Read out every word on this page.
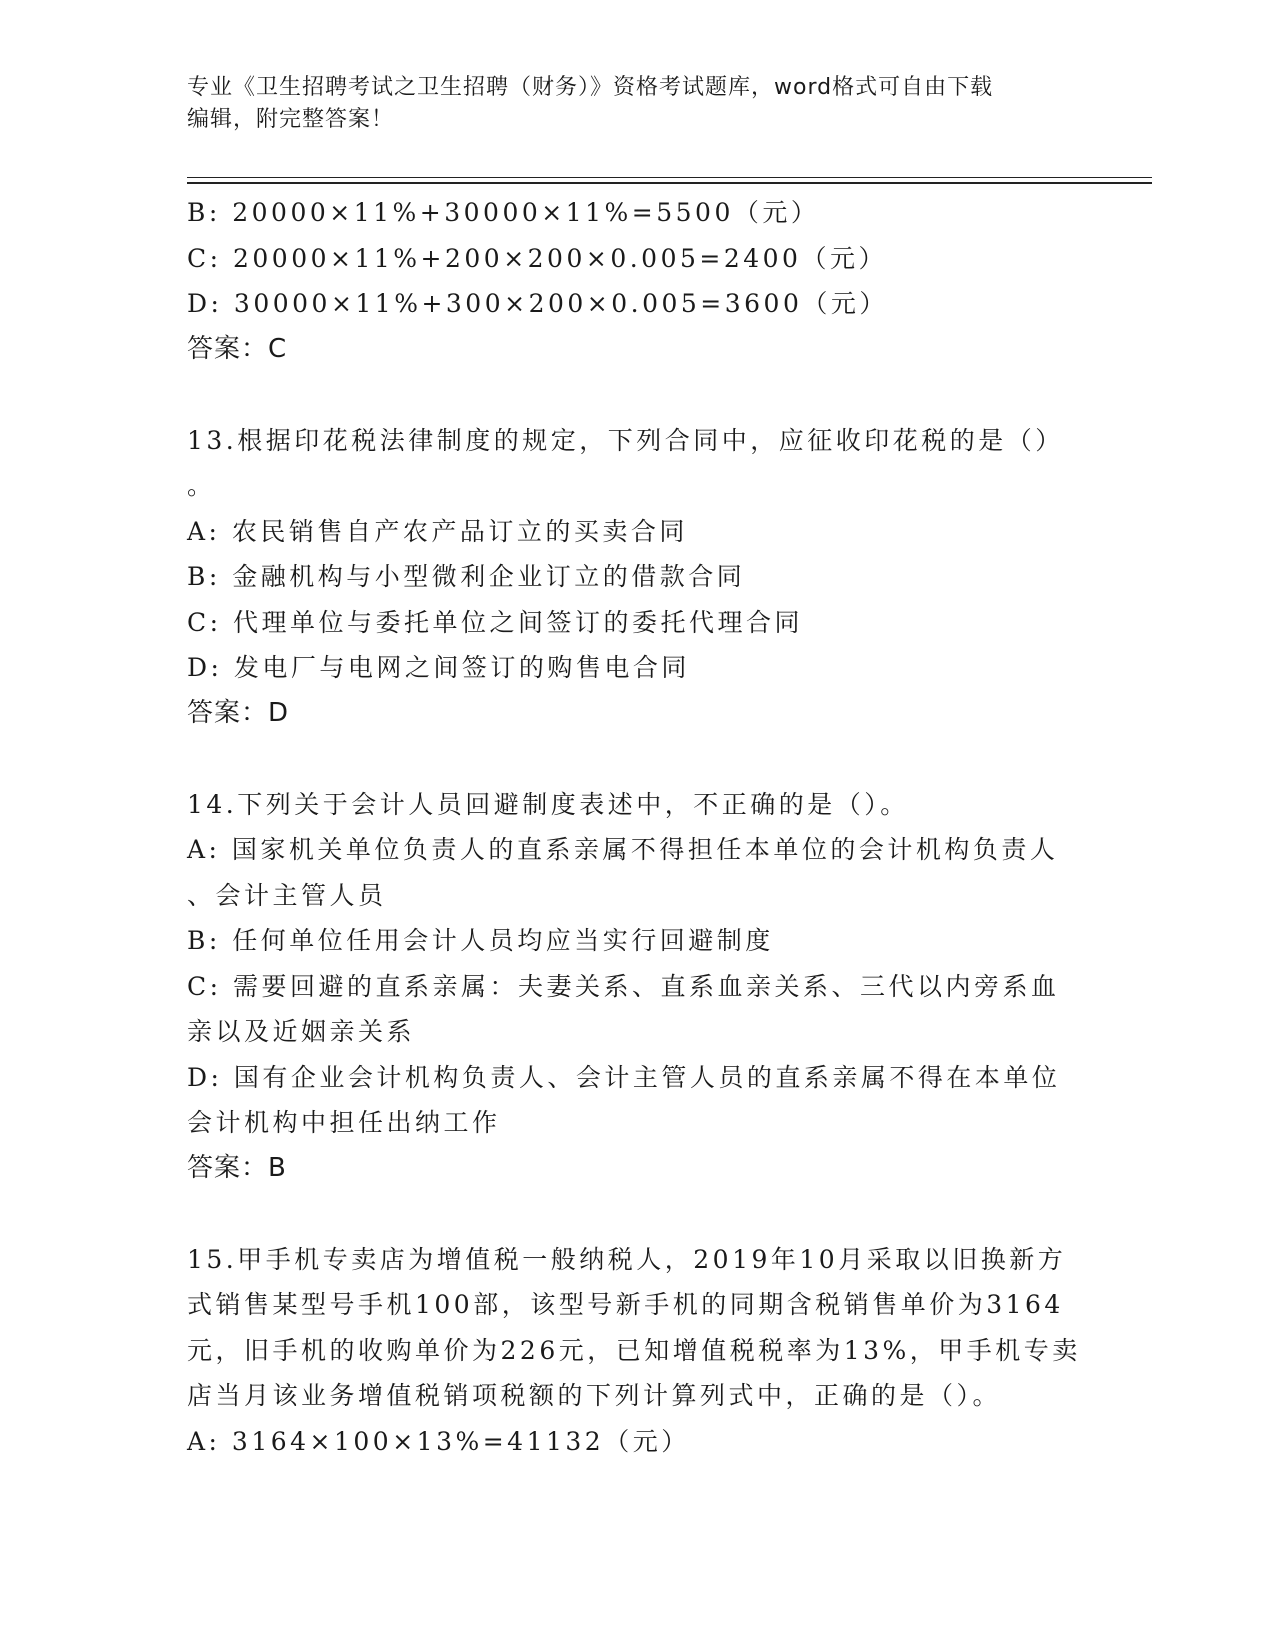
专业《卫生招聘考试之卫生招聘（财务）》资格考试题库，word格式可自由下载
编辑，附完整答案！
B: 20000×11%+30000×11%=5500（元）
C: 20000×11%+200×200×0.005=2400（元）
D: 30000×11%+300×200×0.005=3600（元）
答案：C
13.根据印花税法律制度的规定，下列合同中，应征收印花税的是（）
。
A: 农民销售自产农产品订立的买卖合同
B: 金融机构与小型微利企业订立的借款合同
C: 代理单位与委托单位之间签订的委托代理合同
D: 发电厂与电网之间签订的购售电合同
答案：D
14.下列关于会计人员回避制度表述中，不正确的是（）。
A: 国家机关单位负责人的直系亲属不得担任本单位的会计机构负责人
、会计主管人员
B: 任何单位任用会计人员均应当实行回避制度
C: 需要回避的直系亲属：夫妻关系、直系血亲关系、三代以内旁系血
亲以及近姻亲关系
D: 国有企业会计机构负责人、会计主管人员的直系亲属不得在本单位
会计机构中担任出纳工作
答案：B
15.甲手机专卖店为增值税一般纳税人，2019年10月采取以旧换新方
式销售某型号手机100部，该型号新手机的同期含税销售单价为3164
元，旧手机的收购单价为226元，已知增值税税率为13%，甲手机专卖
店当月该业务增值税销项税额的下列计算列式中，正确的是（）。
A: 3164×100×13%=41132（元）
